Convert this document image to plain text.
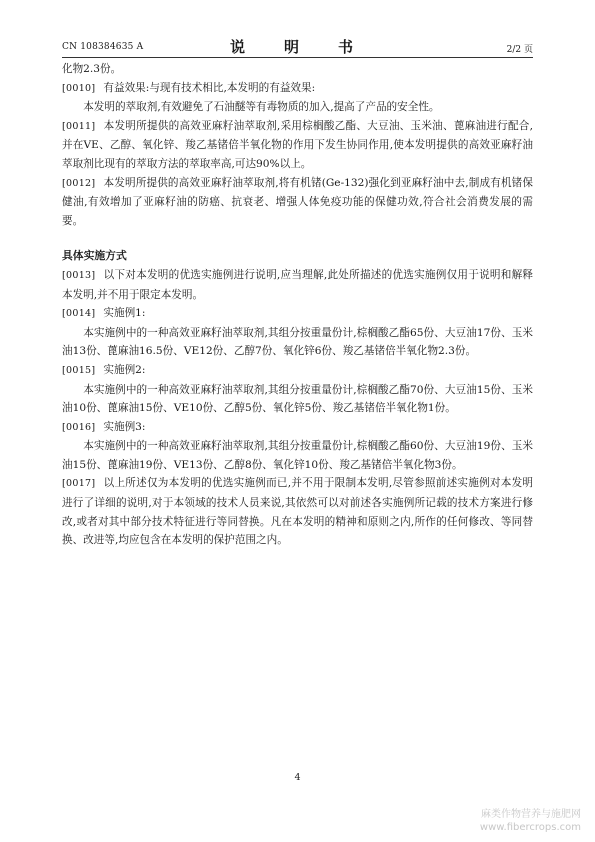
CN 108384635 A	说　明　书	2/2 页
化物2.3份。
[0010] 有益效果:与现有技术相比,本发明的有益效果:
本发明的萃取剂,有效避免了石油醚等有毒物质的加入,提高了产品的安全性。
[0011] 本发明所提供的高效亚麻籽油萃取剂,采用棕榈酸乙酯、大豆油、玉米油、蓖麻油进行配合,并在VE、乙醇、氧化锌、羧乙基锗倍半氧化物的作用下发生协同作用,使本发明提供的高效亚麻籽油萃取剂比现有的萃取方法的萃取率高,可达90%以上。
[0012] 本发明所提供的高效亚麻籽油萃取剂,将有机锗(Ge-132)强化到亚麻籽油中去,制成有机锗保健油,有效增加了亚麻籽油的防癌、抗衰老、增强人体免疫功能的保健功效,符合社会消费发展的需要。
具体实施方式
[0013] 以下对本发明的优选实施例进行说明,应当理解,此处所描述的优选实施例仅用于说明和解释本发明,并不用于限定本发明。
[0014] 实施例1:
本实施例中的一种高效亚麻籽油萃取剂,其组分按重量份计,棕榈酸乙酯65份、大豆油17份、玉米油13份、蓖麻油16.5份、VE12份、乙醇7份、氧化锌6份、羧乙基锗倍半氧化物2.3份。
[0015] 实施例2:
本实施例中的一种高效亚麻籽油萃取剂,其组分按重量份计,棕榈酸乙酯70份、大豆油15份、玉米油10份、蓖麻油15份、VE10份、乙醇5份、氧化锌5份、羧乙基锗倍半氧化物1份。
[0016] 实施例3:
本实施例中的一种高效亚麻籽油萃取剂,其组分按重量份计,棕榈酸乙酯60份、大豆油19份、玉米油15份、蓖麻油19份、VE13份、乙醇8份、氧化锌10份、羧乙基锗倍半氧化物3份。
[0017] 以上所述仅为本发明的优选实施例而已,并不用于限制本发明,尽管参照前述实施例对本发明进行了详细的说明,对于本领域的技术人员来说,其依然可以对前述各实施例所记载的技术方案进行修改,或者对其中部分技术特征进行等同替换。凡在本发明的精神和原则之内,所作的任何修改、等同替换、改进等,均应包含在本发明的保护范围之内。
4
麻类作物营养与施肥网
www.fibercrops.com
